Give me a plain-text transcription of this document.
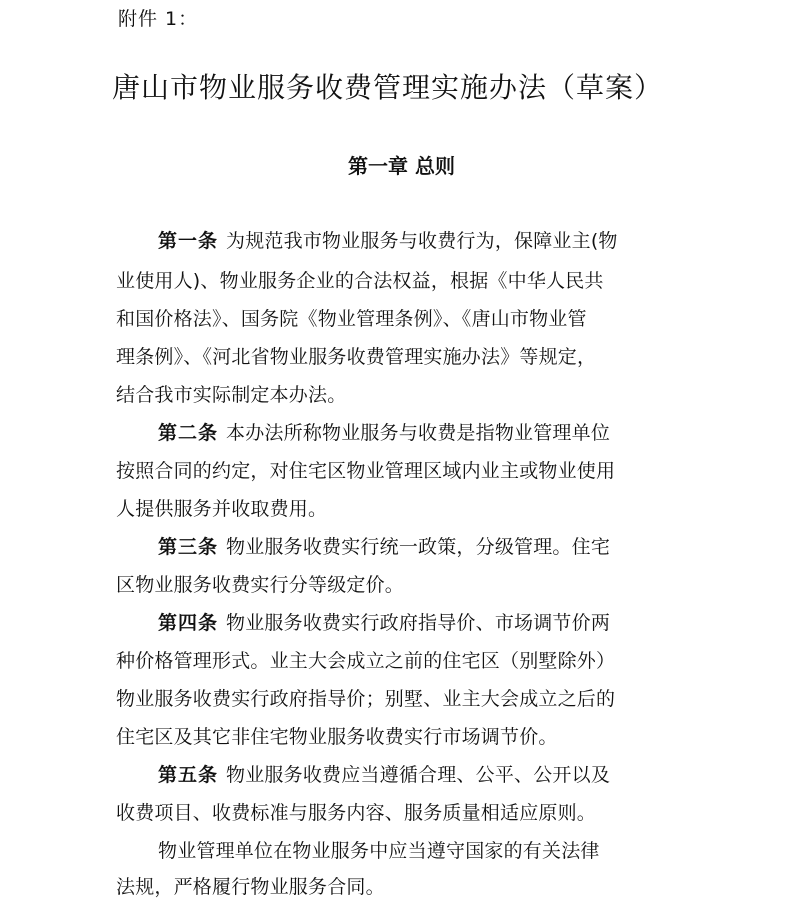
附件 1：
唐山市物业服务收费管理实施办法（草案）
第一章 总则
第一条 为规范我市物业服务与收费行为，保障业主(物
业使用人)、物业服务企业的合法权益，根据《中华人民共
和国价格法》、国务院《物业管理条例》、《唐山市物业管
理条例》、《河北省物业服务收费管理实施办法》等规定，
结合我市实际制定本办法。
第二条 本办法所称物业服务与收费是指物业管理单位
按照合同的约定，对住宅区物业管理区域内业主或物业使用
人提供服务并收取费用。
第三条 物业服务收费实行统一政策，分级管理。住宅
区物业服务收费实行分等级定价。
第四条 物业服务收费实行政府指导价、市场调节价两
种价格管理形式。业主大会成立之前的住宅区（别墅除外）
物业服务收费实行政府指导价；别墅、业主大会成立之后的
住宅区及其它非住宅物业服务收费实行市场调节价。
第五条 物业服务收费应当遵循合理、公平、公开以及
收费项目、收费标准与服务内容、服务质量相适应原则。
物业管理单位在物业服务中应当遵守国家的有关法律
法规，严格履行物业服务合同。
